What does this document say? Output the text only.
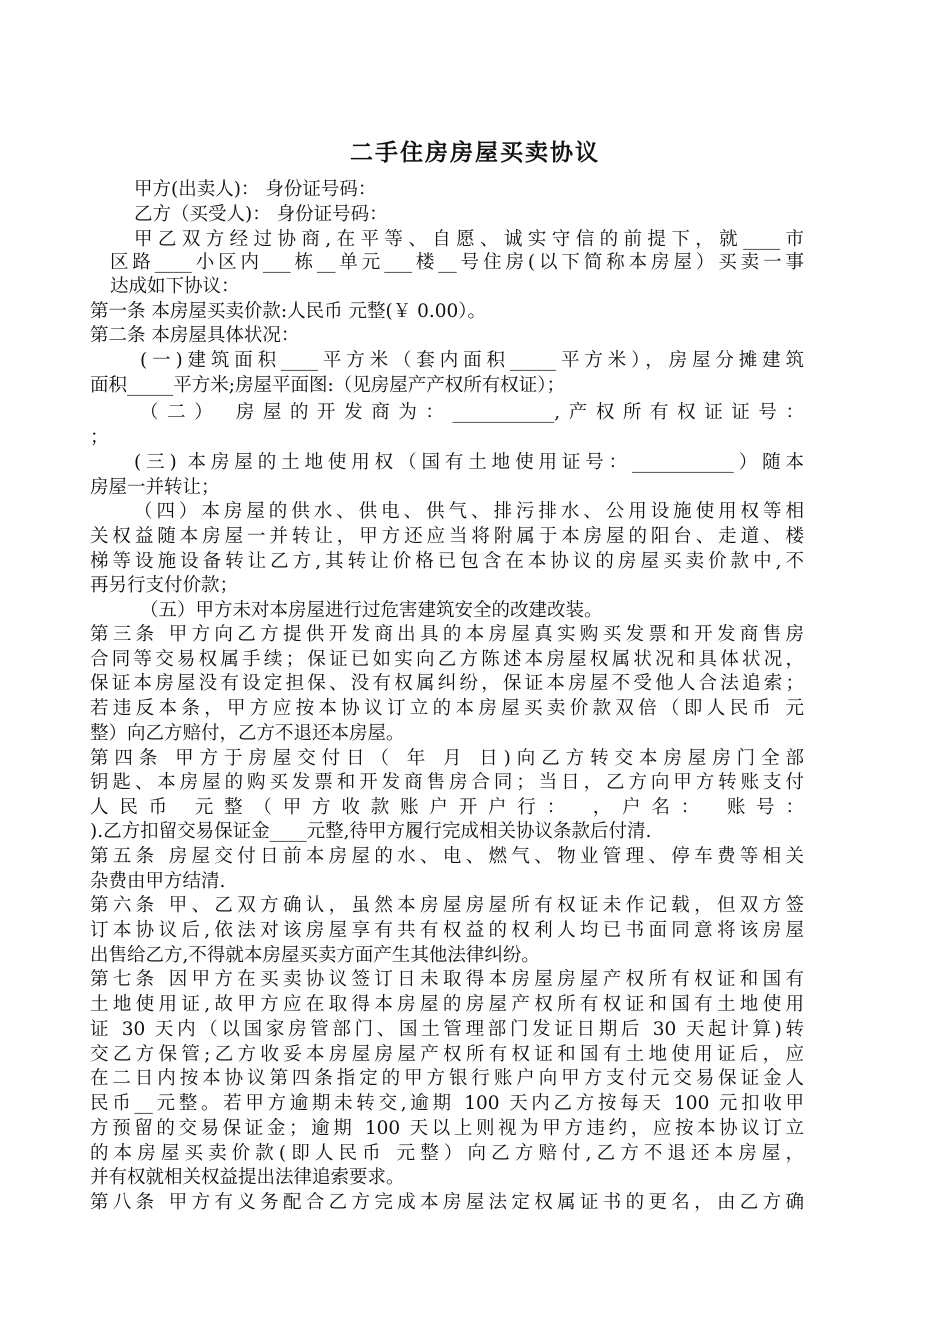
二手住房房屋买卖协议
甲方(出卖人)： 身份证号码：
乙方（买受人)： 身份证号码：
甲乙双方经过协商,在平等、自愿、诚实守信的前提下，就____市
区路____小区内___栋__单元___楼__号住房(以下简称本房屋）买卖一事
达成如下协议：
第一条 本房屋买卖价款:人民币 元整(￥ 0.00）。
第二条 本房屋具体状况：
(一)建筑面积____平方米（套内面积_____平方米），房屋分摊建筑
面积_____平方米;房屋平面图:（见房屋产产权所有权证）；
（二） 房屋的开发商为：___________,产权所有权证证号：
；
(三) 本房屋的土地使用权（国有土地使用证号：___________）随本
房屋一并转让；
（四）本房屋的供水、供电、供气、排污排水、公用设施使用权等相
关权益随本房屋一并转让，甲方还应当将附属于本房屋的阳台、走道、楼
梯等设施设备转让乙方,其转让价格已包含在本协议的房屋买卖价款中,不
再另行支付价款；
（五）甲方未对本房屋进行过危害建筑安全的改建改装。
第三条 甲方向乙方提供开发商出具的本房屋真实购买发票和开发商售房
合同等交易权属手续；保证已如实向乙方陈述本房屋权属状况和具体状况，
保证本房屋没有设定担保、没有权属纠纷，保证本房屋不受他人合法追索；
若违反本条，甲方应按本协议订立的本房屋买卖价款双倍（即人民币 元
整）向乙方赔付，乙方不退还本房屋。
第四条 甲方于房屋交付日（ 年 月 日)向乙方转交本房屋房门全部
钥匙、本房屋的购买发票和开发商售房合同；当日，乙方向甲方转账支付
人民币 元整（甲方收款账户开户行： ，户名： 账号：
).乙方扣留交易保证金____元整,待甲方履行完成相关协议条款后付清.
第五条 房屋交付日前本房屋的水、电、燃气、物业管理、停车费等相关
杂费由甲方结清.
第六条 甲、乙双方确认，虽然本房屋房屋所有权证未作记载，但双方签
订本协议后,依法对该房屋享有共有权益的权利人均已书面同意将该房屋
出售给乙方,不得就本房屋买卖方面产生其他法律纠纷。
第七条 因甲方在买卖协议签订日未取得本房屋房屋产权所有权证和国有
土地使用证,故甲方应在取得本房屋的房屋产权所有权证和国有土地使用
证 30 天内（以国家房管部门、国土管理部门发证日期后 30 天起计算)转
交乙方保管;乙方收妥本房屋房屋产权所有权证和国有土地使用证后，应
在二日内按本协议第四条指定的甲方银行账户向甲方支付元交易保证金人
民币__元整。若甲方逾期未转交,逾期 100 天内乙方按每天 100 元扣收甲
方预留的交易保证金；逾期 100 天以上则视为甲方违约，应按本协议订立
的本房屋买卖价款(即人民币 元整）向乙方赔付,乙方不退还本房屋，
并有权就相关权益提出法律追索要求。
第八条 甲方有义务配合乙方完成本房屋法定权属证书的更名，由乙方确
